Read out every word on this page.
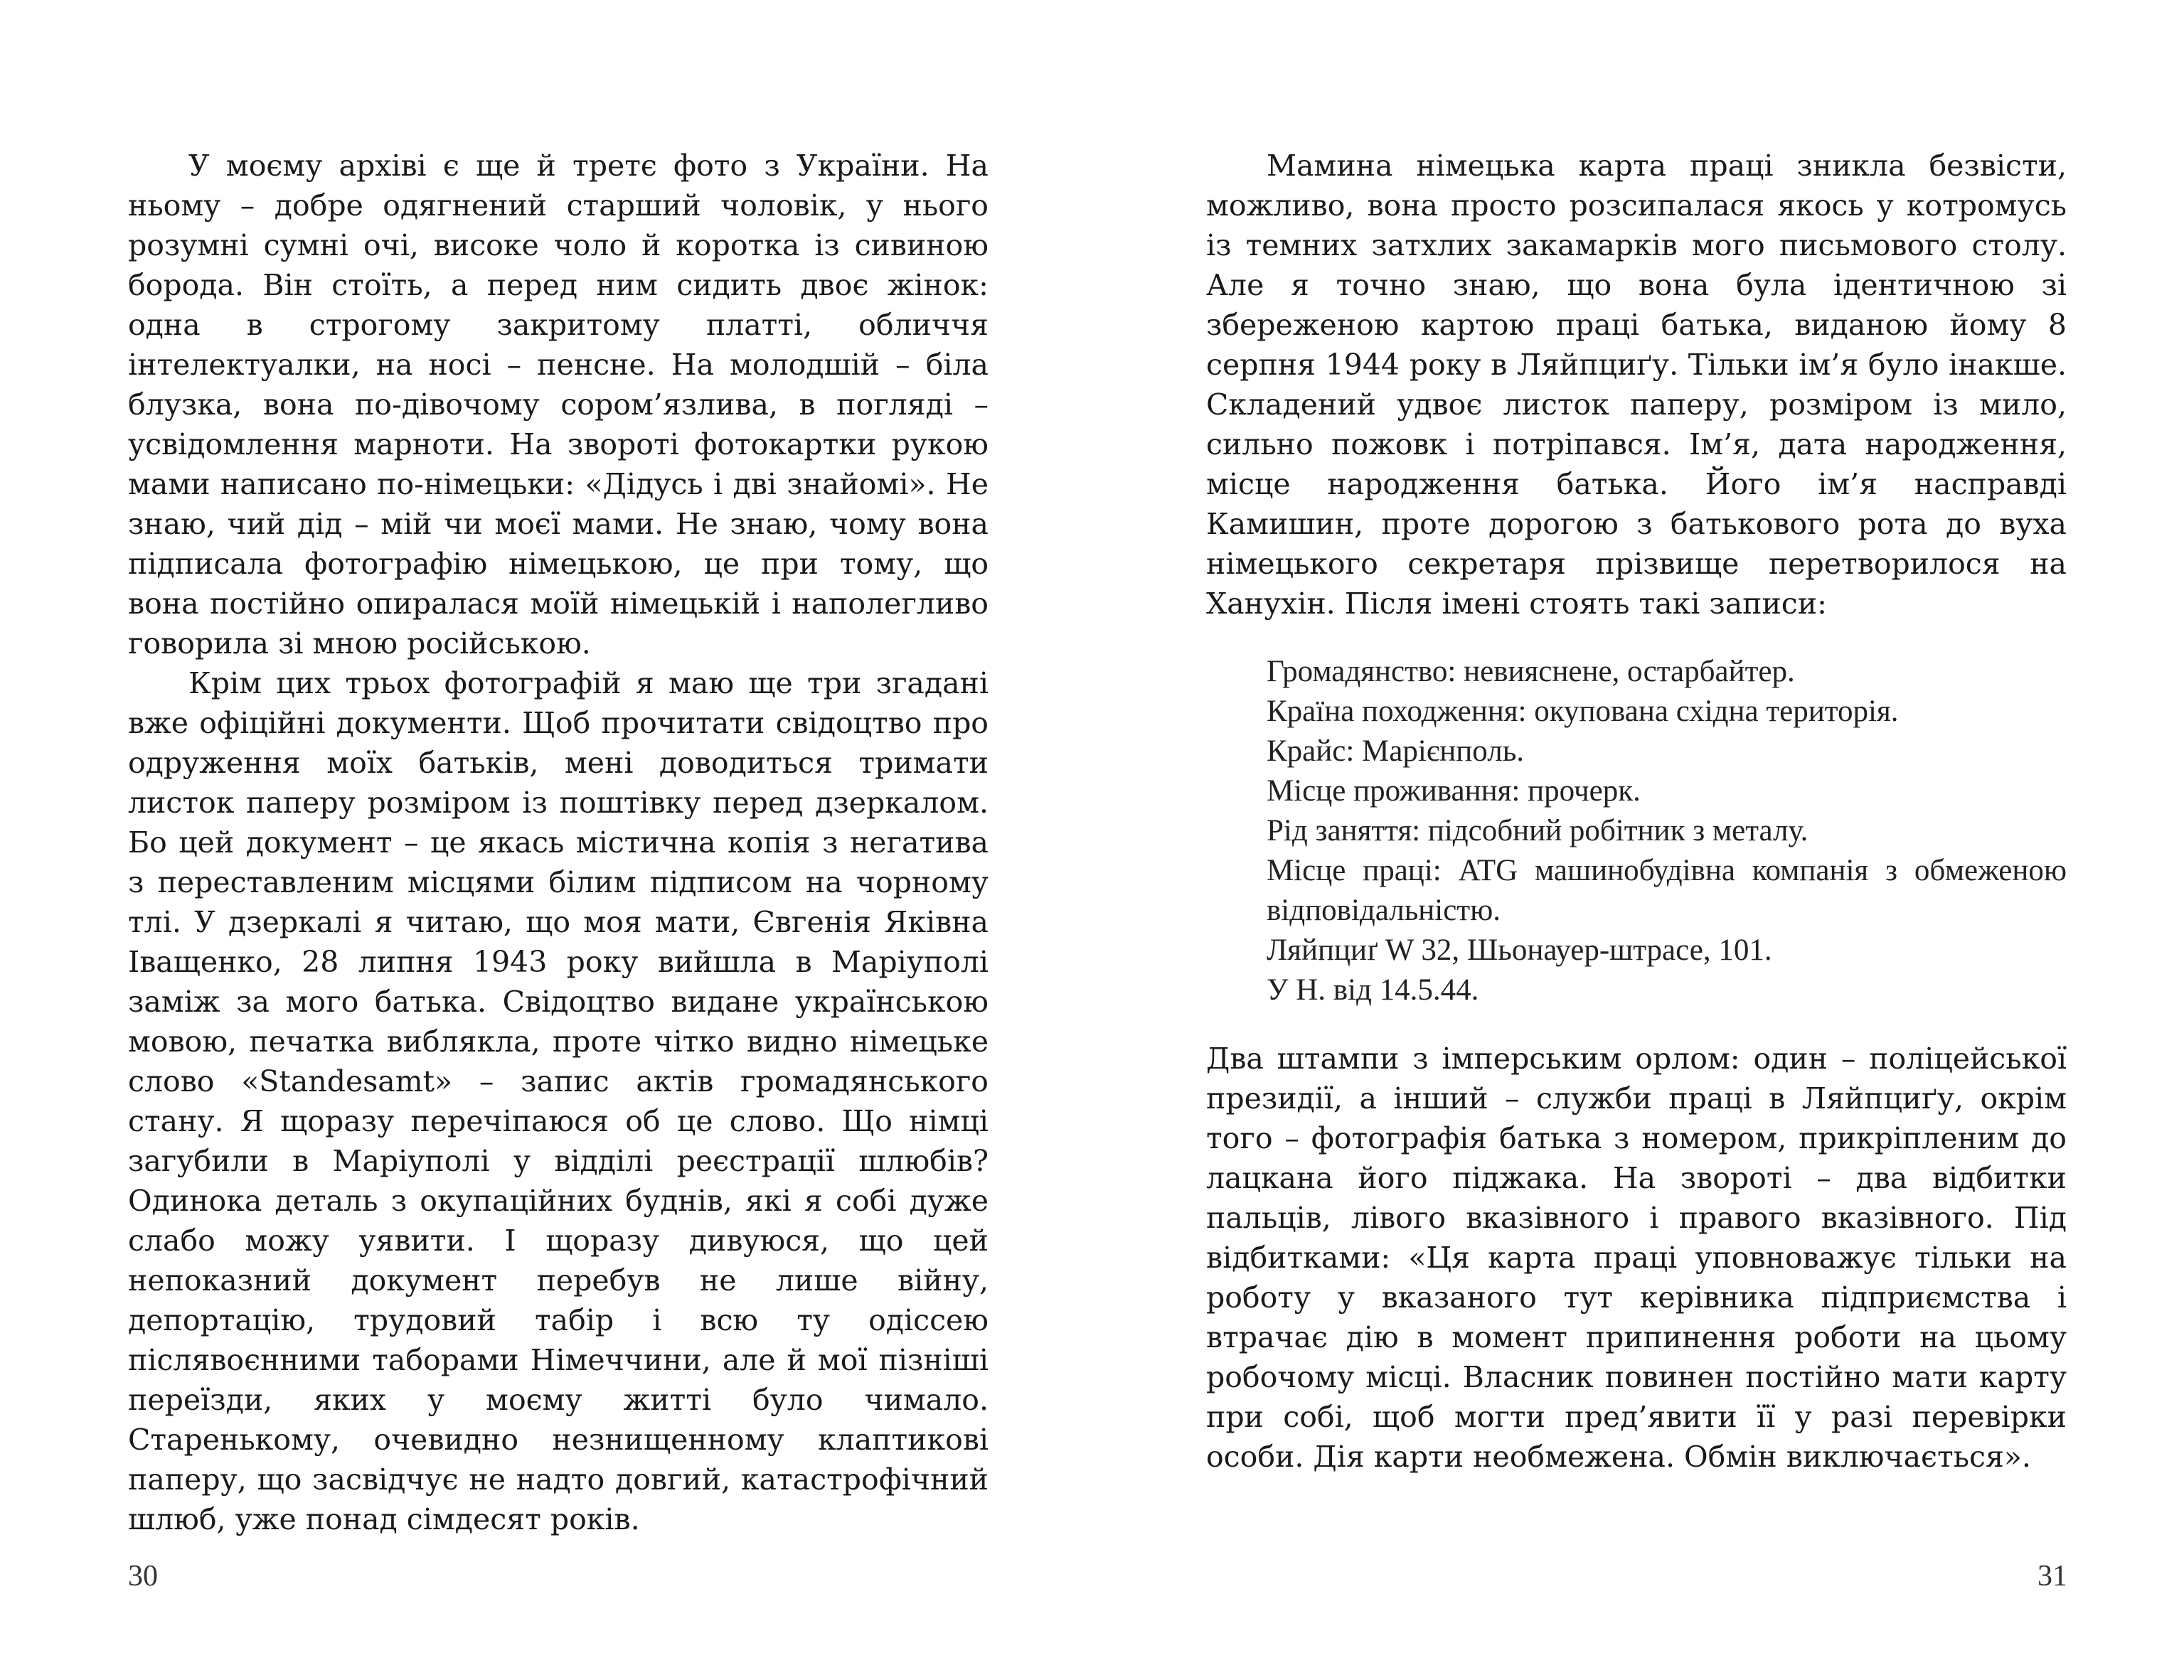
У моєму архіві є ще й третє фото з України. На ньому – добре одягнений старший чоловік, у нього розумні сумні очі, високе чоло й коротка із сивиною борода. Він стоїть, а перед ним сидить двоє жінок: одна в строгому закритому платті, обличчя інтелектуалки, на носі – пенсне. На молодшій – біла блузка, вона по-дівочому сором’язлива, в погляді – усвідомлення марноти. На звороті фотокартки рукою мами написано по-німецьки: «Дідусь і дві знайомі». Не знаю, чий дід – мій чи моєї мами. Не знаю, чому вона підписала фотографію німецькою, це при тому, що вона постійно опиралася моїй німецькій і наполегливо говорила зі мною російською.

Крім цих трьох фотографій я маю ще три згадані вже офіційні документи. Щоб прочитати свідоцтво про одруження моїх батьків, мені доводиться тримати листок паперу розміром із поштівку перед дзеркалом. Бо цей документ – це якась містична копія з негатива з переставленим місцями білим підписом на чорному тлі. У дзеркалі я читаю, що моя мати, Євгенія Яківна Іващенко, 28 липня 1943 року вийшла в Маріуполі заміж за мого батька. Свідоцтво видане українською мовою, печатка виблякла, проте чітко видно німецьке слово «Standesamt» – запис актів громадянського стану. Я щоразу перечіпаюся об це слово. Що німці загубили в Маріуполі у відділі реєстрації шлюбів? Одинока деталь з окупаційних буднів, які я собі дуже слабо можу уявити. І щоразу дивуюся, що цей непоказний документ перебув не лише війну, депортацію, трудовий табір і всю ту одіссею післявоєнними таборами Німеччини, але й мої пізніші переїзди, яких у моєму житті було чимало. Старенькому, очевидно незнищенному клаптикові паперу, що засвідчує не надто довгий, катастрофічний шлюб, уже понад сімдесят років.

Мамина німецька карта праці зникла безвісти, можливо, вона просто розсипалася якось у котромусь із темних затхлих закамарків мого письмового столу. Але я точно знаю, що вона була ідентичною зі збереженою картою праці батька, виданою йому 8 серпня 1944 року в Ляйпциґу. Тільки ім’я було інакше. Складений удвоє листок паперу, розміром із мило, сильно пожовк і потріпався. Ім’я, дата народження, місце народження батька. Його ім’я насправді Камишин, проте дорогою з батькового рота до вуха німецького секретаря прізвище перетворилося на Ханухін. Після імені стоять такі записи:

Громадянство: невияснене, остарбайтер.
Країна походження: окупована східна територія.
Крайс: Марієнполь.
Місце проживання: прочерк.
Рід заняття: підсобний робітник з металу.
Місце праці: ATG машинобудівна компанія з обмеженою відповідальністю.
Ляйпциґ W 32, Шьонауер-штрасе, 101.
У Н. від 14.5.44.

Два штампи з імперським орлом: один – поліцейської президії, а інший – служби праці в Ляйпциґу, окрім того – фотографія батька з номером, прикріпленим до лацкана його піджака. На звороті – два відбитки пальців, лівого вказівного і правого вказівного. Під відбитками: «Ця карта праці уповноважує тільки на роботу у вказаного тут керівника підприємства і втрачає дію в момент припинення роботи на цьому робочому місці. Власник повинен постійно мати карту при собі, щоб могти пред’явити її у разі перевірки особи. Дія карти необмежена. Обмін виключається».

30	31
